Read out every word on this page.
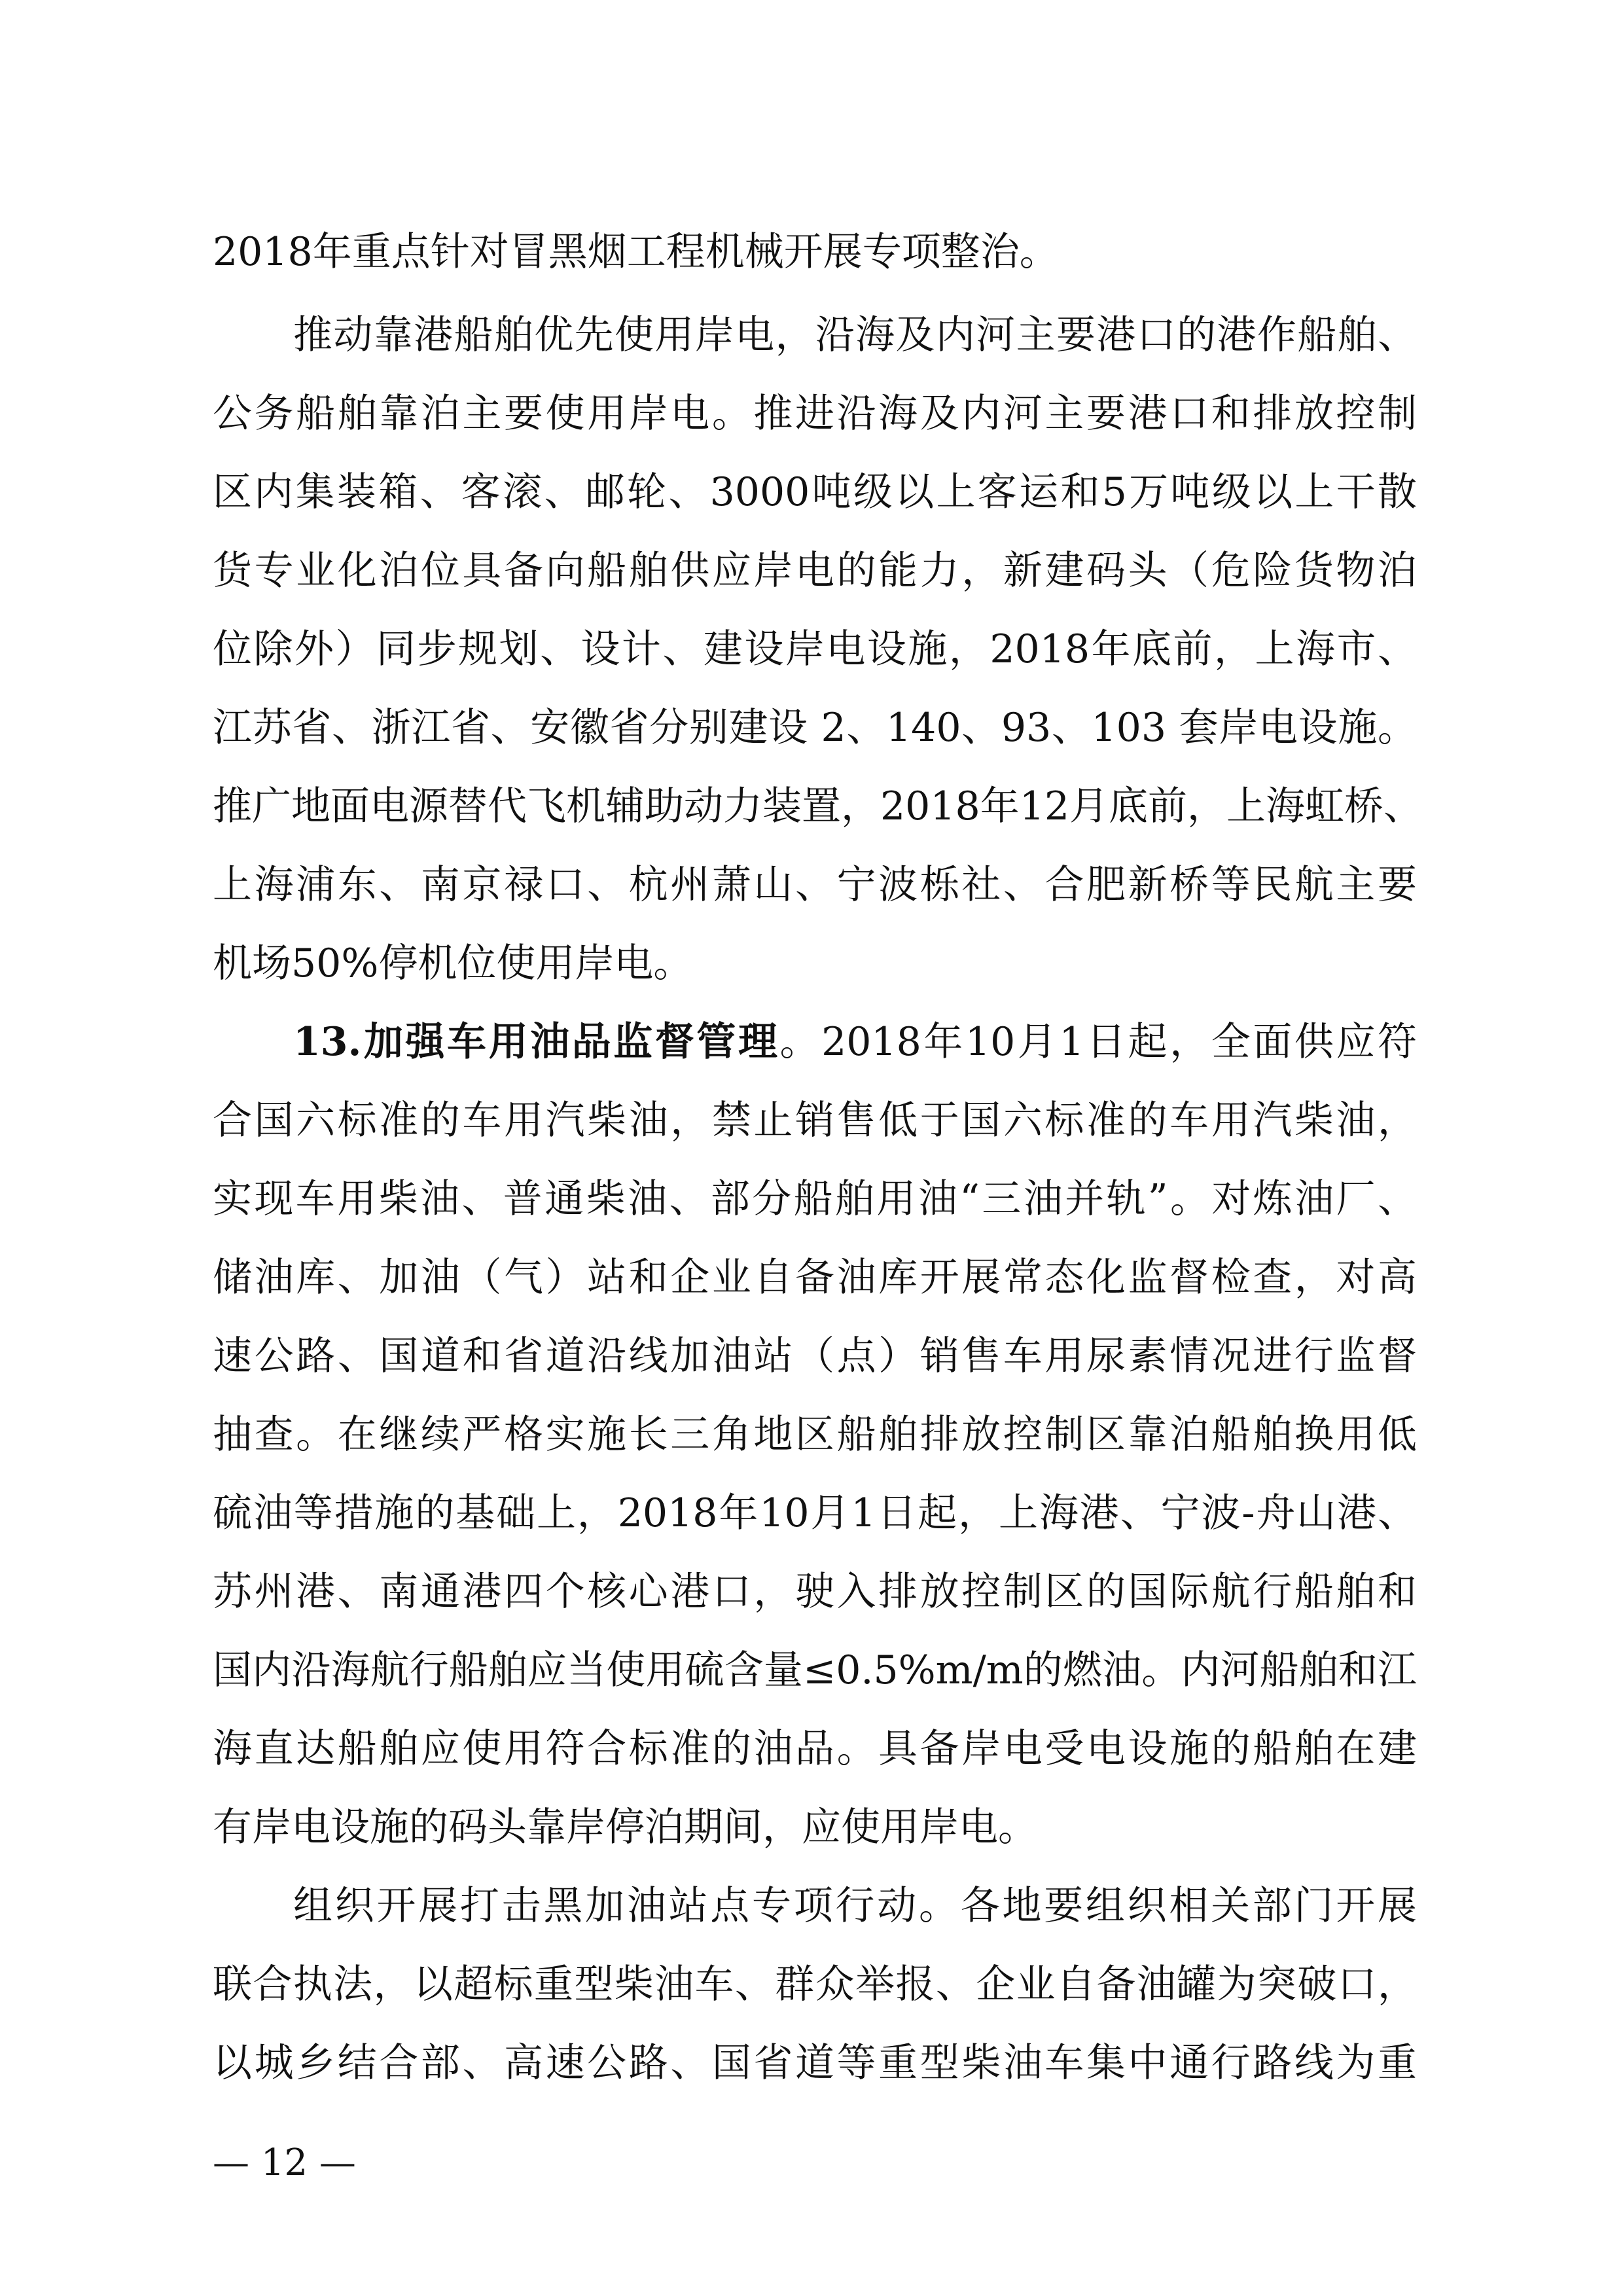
2018年重点针对冒黑烟工程机械开展专项整治。
推动靠港船舶优先使用岸电，沿海及内河主要港口的港作船舶、
公务船舶靠泊主要使用岸电。推进沿海及内河主要港口和排放控制
区内集装箱、客滚、邮轮、3000吨级以上客运和5万吨级以上干散
货专业化泊位具备向船舶供应岸电的能力，新建码头（危险货物泊
位除外）同步规划、设计、建设岸电设施，2018年底前，上海市、
江苏省、浙江省、安徽省分别建设 2、140、93、103 套岸电设施。
推广地面电源替代飞机辅助动力装置，2018年12月底前，上海虹桥、
上海浦东、南京禄口、杭州萧山、宁波栎社、合肥新桥等民航主要
机场50%停机位使用岸电。
13.加强车用油品监督管理。2018年10月1日起，全面供应符
合国六标准的车用汽柴油，禁止销售低于国六标准的车用汽柴油，
实现车用柴油、普通柴油、部分船舶用油“三油并轨”。对炼油厂、
储油库、加油（气）站和企业自备油库开展常态化监督检查，对高
速公路、国道和省道沿线加油站（点）销售车用尿素情况进行监督
抽查。在继续严格实施长三角地区船舶排放控制区靠泊船舶换用低
硫油等措施的基础上，2018年10月1日起，上海港、宁波-舟山港、
苏州港、南通港四个核心港口，驶入排放控制区的国际航行船舶和
国内沿海航行船舶应当使用硫含量≤0.5%m/m的燃油。内河船舶和江
海直达船舶应使用符合标准的油品。具备岸电受电设施的船舶在建
有岸电设施的码头靠岸停泊期间，应使用岸电。
组织开展打击黑加油站点专项行动。各地要组织相关部门开展
联合执法，以超标重型柴油车、群众举报、企业自备油罐为突破口，
以城乡结合部、高速公路、国省道等重型柴油车集中通行路线为重
— 12 —
